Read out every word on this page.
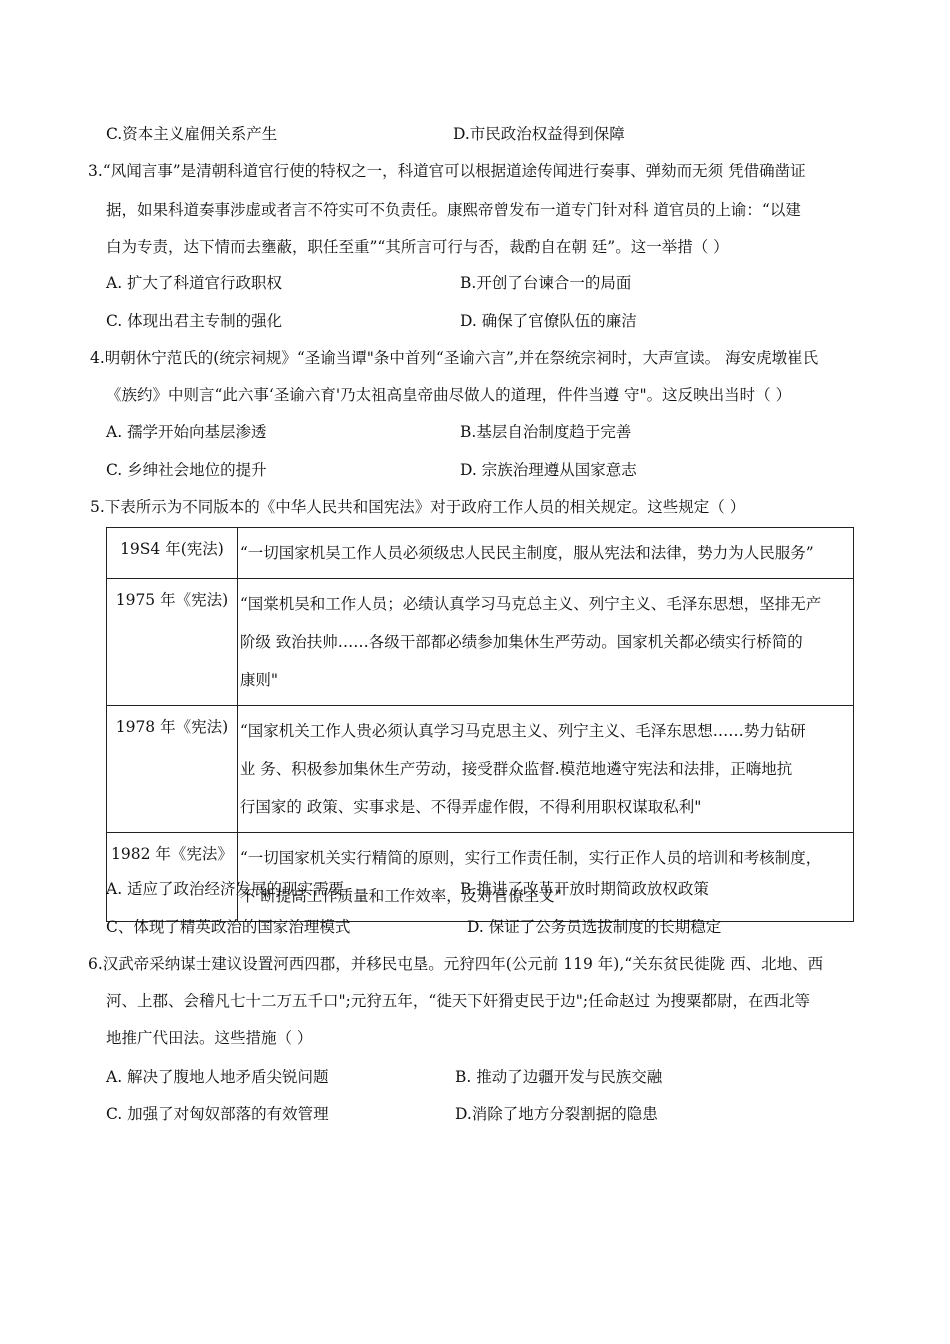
C.资本主义雇佣关系产生	D.市民政治权益得到保障
3.“风闻言事”是清朝科道官行使的特权之一，科道官可以根据道途传闻进行奏事、弹劾而无须 凭借确凿证
据，如果科道奏事涉虚或者言不符实可不负责任。康熙帝曾发布一道专门针对科 道官员的上谕：“以建
白为专责，达下情而去壅蔽，职任至重”“其所言可行与否，裁酌自在朝 廷”。这一举措（ ）
A. 扩大了科道官行政职权	B.开创了台谏合一的局面
C. 体现出君主专制的强化	D. 确保了官僚队伍的廉洁
4.明朝休宁范氏的(统宗祠规》“圣谕当谭"条中首列“圣谕六言”,并在祭统宗祠时，大声宣读。 海安虎墩崔氏
《族约》中则言“此六事‘圣谕六育'乃太祖高皇帝曲尽做人的道理，件件当遵 守"。这反映出当时（ ）
A. 孺学开始向基层渗透	B.基层自治制度趋于完善
C. 乡绅社会地位的提升	D. 宗族治理遵从国家意志
5.下表所示为不同版本的《中华人民共和国宪法》对于政府工作人员的相关规定。这些规定（ ）
19S4 年(宪法)	“一切国家机吴工作人员必须级忠人民民主制度，服从宪法和法律，势力为人民服务”

1975 年《宪法)	“国棠机吴和工作人员；必绩认真学习马克总主义、列宁主义、毛泽东思想，坚排无产
阶级 致治扶帅……各级干部都必绩参加集休生严劳动。国家机关都必绩实行桥简的
康则"

1978 年《宪法)	“国家机关工作人贵必须认真学习马克思主义、列宁主义、毛泽东思想……势力钻研
业 务、积极参加集休生产劳动，接受群众监督.模范地遴守宪法和法排，正嗨地抗
行国家的 政策、实事求是、不得弄虚作假，不得利用职权谋取私利"

1982 年《宪法》	“一切国家机关实行精简的原则，实行工作责任制，实行正作人员的培训和考核制度，
不 断提高工作质量和工作效率，反对官僚主义"
A. 适应了政治经济发展的现实需要	B.推进了改革开放时期简政放权政策
C、体现了精英政治的国家治理模式	D. 保证了公务员选拔制度的长期稳定
6.汉武帝采纳谋士建议设置河西四郡，并移民屯垦。元狩四年(公元前 119 年),“关东贫民徙陇 西、北地、西
河、上郡、会稽凡七十二万五千口";元狩五年，“徙天下奸猾吏民于边";任命赵过 为搜粟都尉，在西北等
地推广代田法。这些措施（ ）
A. 解决了腹地人地矛盾尖锐问题	B. 推动了边疆开发与民族交融
C. 加强了对匈奴部落的有效管理	D.消除了地方分裂割据的隐患
